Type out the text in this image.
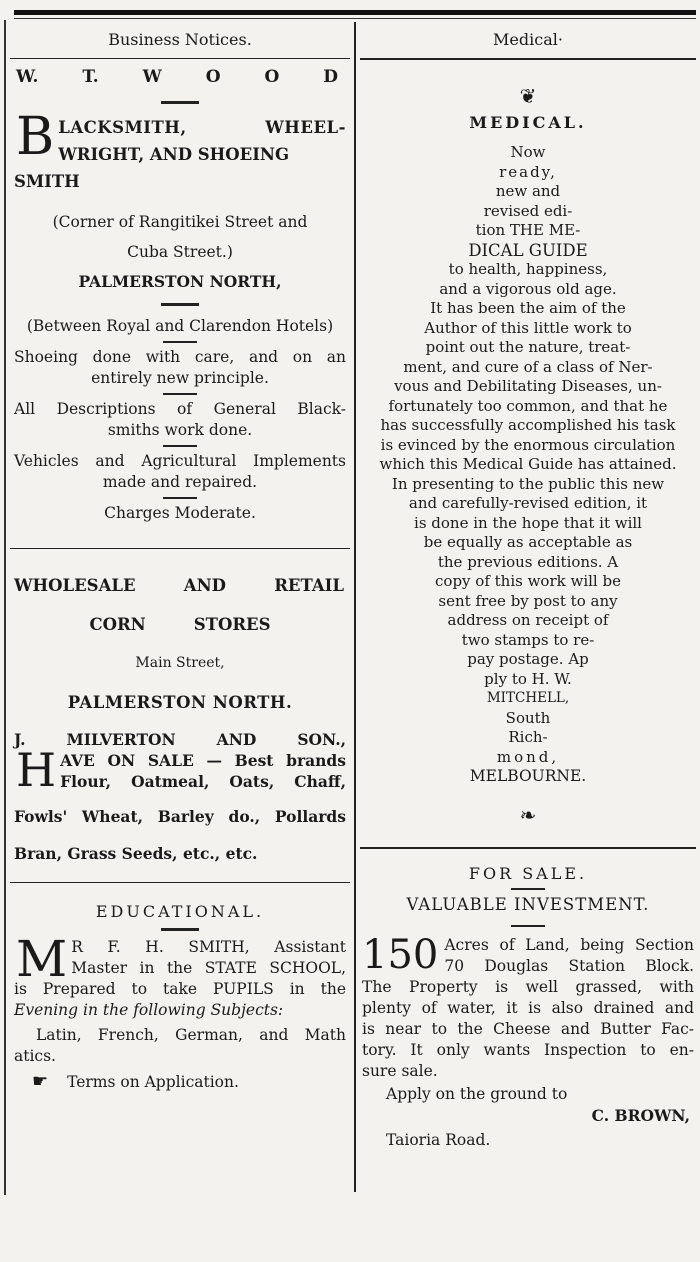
Business Notices.
W.	T.	W	O	O	D
B LACKSMITH, WHEEL-
WRIGHT, AND SHOEING SMITH
(Corner of Rangitikei Street and
Cuba Street.)
PALMERSTON NORTH,
(Between Royal and Clarendon Hotels)
Shoeing done with care, and on an
entirely new principle.
All Descriptions of General Black-
smiths work done.
Vehicles and Agricultural Implements
made and repaired.
Charges Moderate.
WHOLESALE	AND	RETAIL
CORN	STORES
Main Street,
PALMERSTON NORTH.
J. MILVERTON AND SON.,
H AVE ON SALE — Best brands
Flour, Oatmeal, Oats, Chaff,
Fowls' Wheat, Barley do., Pollards
Bran, Grass Seeds, etc., etc.
EDUCATIONAL.
M R F. H. SMITH, Assistant
Master in the STATE SCHOOL,
is Prepared to take PUPILS in the
Evening in the following Subjects:
Latin, French, German, and Math
atics.
☛ Terms on Application.
Medical·
❦
MEDICAL.
Now
ready,
new and
revised edi-
tion THE ME-
DICAL GUIDE
to health, happiness,
and a vigorous old age.
It has been the aim of the
Author of this little work to
point out the nature, treat-
ment, and cure of a class of Ner-
vous and Debilitating Diseases, un-
fortunately too common, and that he
has successfully accomplished his task
is evinced by the enormous circulation
which this Medical Guide has attained.
In presenting to the public this new
and carefully-revised edition, it
is done in the hope that it will
be equally as acceptable as
the previous editions. A
copy of this work will be
sent free by post to any
address on receipt of
two stamps to re-
pay postage. Ap
ply to H. W.
MITCHELL,
South
Rich-
mond,
MELBOURNE.
❧
FOR SALE.
VALUABLE INVESTMENT.
150 Acres of Land, being Section
70 Douglas Station Block.
The Property is well grassed, with
plenty of water, it is also drained and
is near to the Cheese and Butter Fac-
tory. It only wants Inspection to en-
sure sale.
Apply on the ground to
C. BROWN,
Taioria Road.
